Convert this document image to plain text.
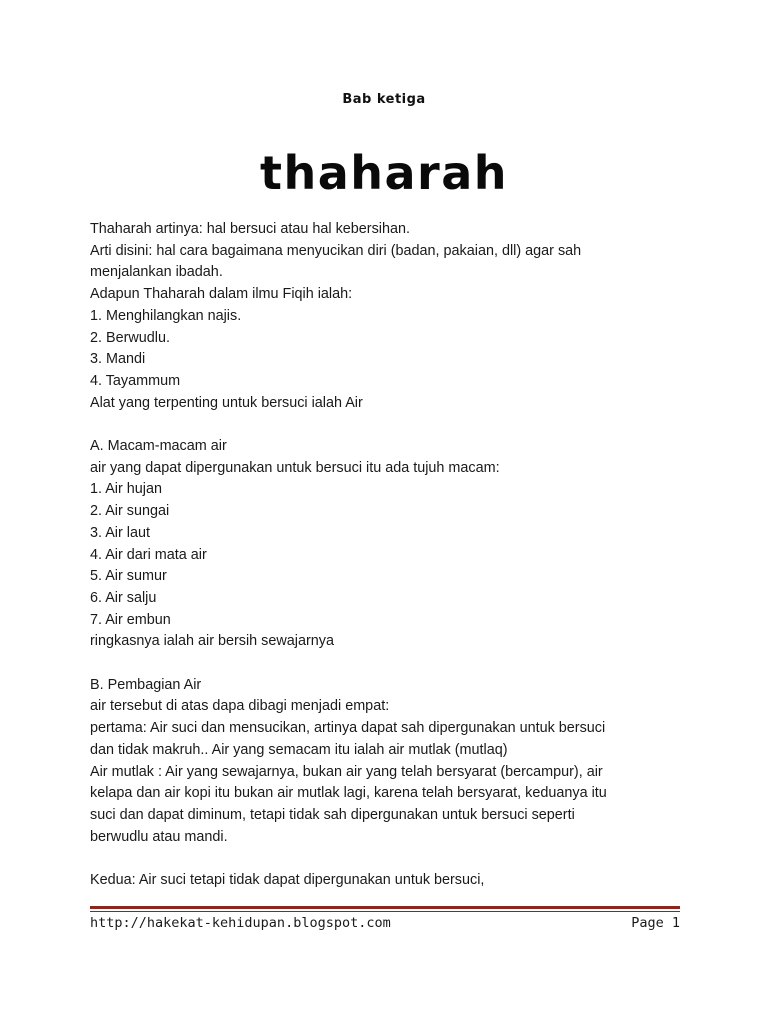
Bab ketiga
thaharah
Thaharah artinya: hal bersuci atau hal kebersihan.
Arti disini: hal cara bagaimana menyucikan diri (badan, pakaian, dll) agar sah
menjalankan ibadah.
Adapun Thaharah dalam ilmu Fiqih ialah:
1. Menghilangkan najis.
2. Berwudlu.
3. Mandi
4. Tayammum
Alat yang terpenting untuk bersuci ialah Air
A. Macam-macam air
air yang dapat dipergunakan untuk bersuci itu ada tujuh macam:
1. Air hujan
2. Air sungai
3. Air laut
4. Air dari mata air
5. Air sumur
6. Air salju
7. Air embun
ringkasnya ialah air bersih sewajarnya
B. Pembagian Air
air tersebut di atas dapa dibagi menjadi empat:
pertama: Air suci dan mensucikan, artinya dapat sah dipergunakan untuk bersuci
dan tidak makruh.. Air yang semacam itu ialah air mutlak (mutlaq)
Air mutlak : Air yang sewajarnya, bukan air yang telah bersyarat (bercampur), air
kelapa dan air kopi itu bukan air mutlak lagi, karena telah bersyarat, keduanya itu
suci dan dapat diminum, tetapi tidak sah dipergunakan untuk bersuci seperti
berwudlu atau mandi.
Kedua: Air suci tetapi tidak dapat dipergunakan untuk bersuci,
http://hakekat-kehidupan.blogspot.com	Page 1
